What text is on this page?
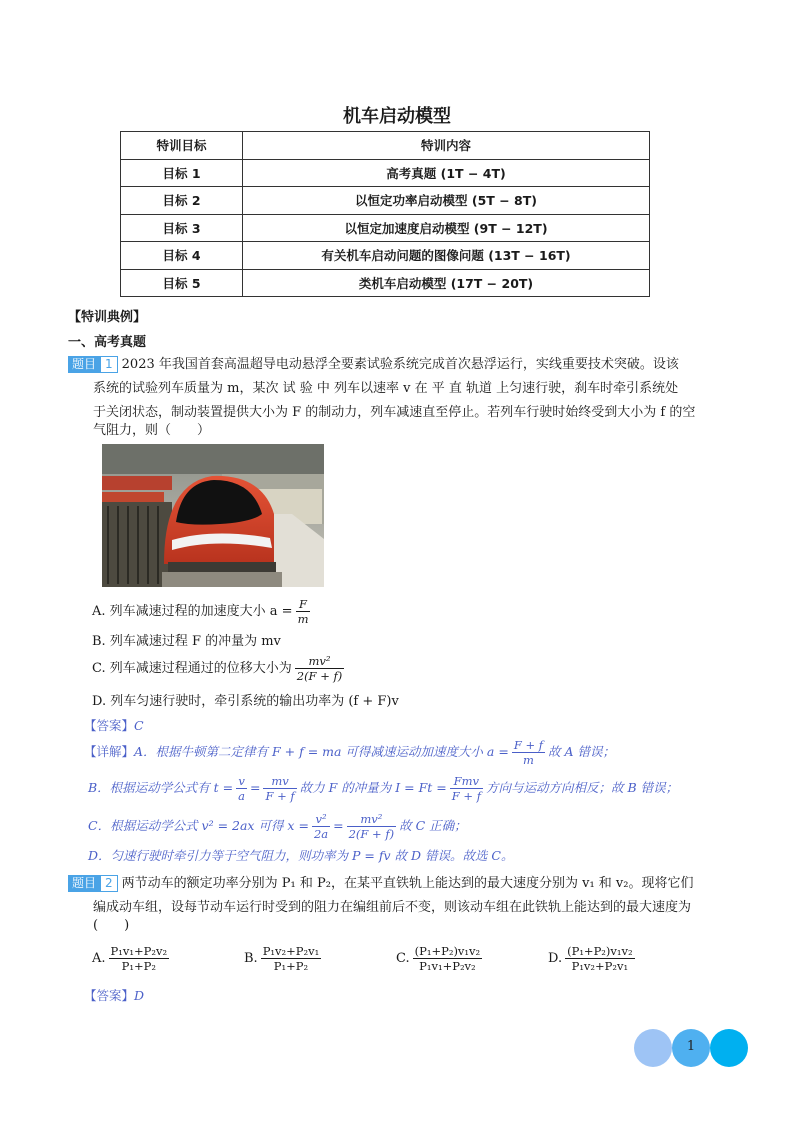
机车启动模型
特训目标	特训内容
目标 1	高考真题 (1T − 4T)
目标 2	以恒定功率启动模型 (5T − 8T)
目标 3	以恒定加速度启动模型 (9T − 12T)
目标 4	有关机车启动问题的图像问题 (13T − 16T)
目标 5	类机车启动模型 (17T − 20T)
【特训典例】
一、高考真题
题目 1 2023 年我国首套高温超导电动悬浮全要素试验系统完成首次悬浮运行，实线重要技术突破。设该
系统的试验列车质量为 m，某次 试 验 中 列车以速率 v 在 平 直 轨道 上匀速行驶，刹车时牵引系统处
于关闭状态，制动装置提供大小为 F 的制动力，列车减速直至停止。若列车行驶时始终受到大小为 f 的空
气阻力，则（　　）
A. 列车减速过程的加速度大小 $a = \frac{F}{m}$
B. 列车减速过程 F 的冲量为 mv
C. 列车减速过程通过的位移大小为 $\frac{\text{mv²}}{2(F + f)}$
D. 列车匀速行驶时，牵引系统的输出功率为 (f + F)v
【答案】C
【详解】A．根据牛顿第二定律有 F + f = ma 可得减速运动加速度大小 $a = \frac{F + f}{m}$ 故 A 错误；
B．根据运动学公式有 $t = \frac{v}{a} = \frac{mv}{F + f}$ 故力 F 的冲量为 $I = Ft = \frac{\text{Fmv}}{F + f}$ 方向与运动方向相反；故 B 错误；
C．根据运动学公式 v² = 2ax 可得 $x = \frac{\text{v²}}{2a} = \frac{\text{mv²}}{2(F + f)}$ 故 C 正确；
D．匀速行驶时牵引力等于空气阻力，则功率为 P = fv 故 D 错误。故选 C。
题目 2 两节动车的额定功率分别为 P₁ 和 P₂，在某平直铁轨上能达到的最大速度分别为 v₁ 和 v₂。现将它们
编成动车组，设每节动车运行时受到的阻力在编组前后不变，则该动车组在此铁轨上能达到的最大速度为
(　　)
A. $\frac{\text{P₁v₁+P₂v₂}}{\text{P₁+P₂}}$	B. $\frac{\text{P₁v₂+P₂v₁}}{\text{P₁+P₂}}$	C. $\frac{\text{(P₁+P₂)v₁v₂}}{\text{P₁v₁+P₂v₂}}$	D. $\frac{\text{(P₁+P₂)v₁v₂}}{\text{P₁v₂+P₂v₁}}$
【答案】D
1
